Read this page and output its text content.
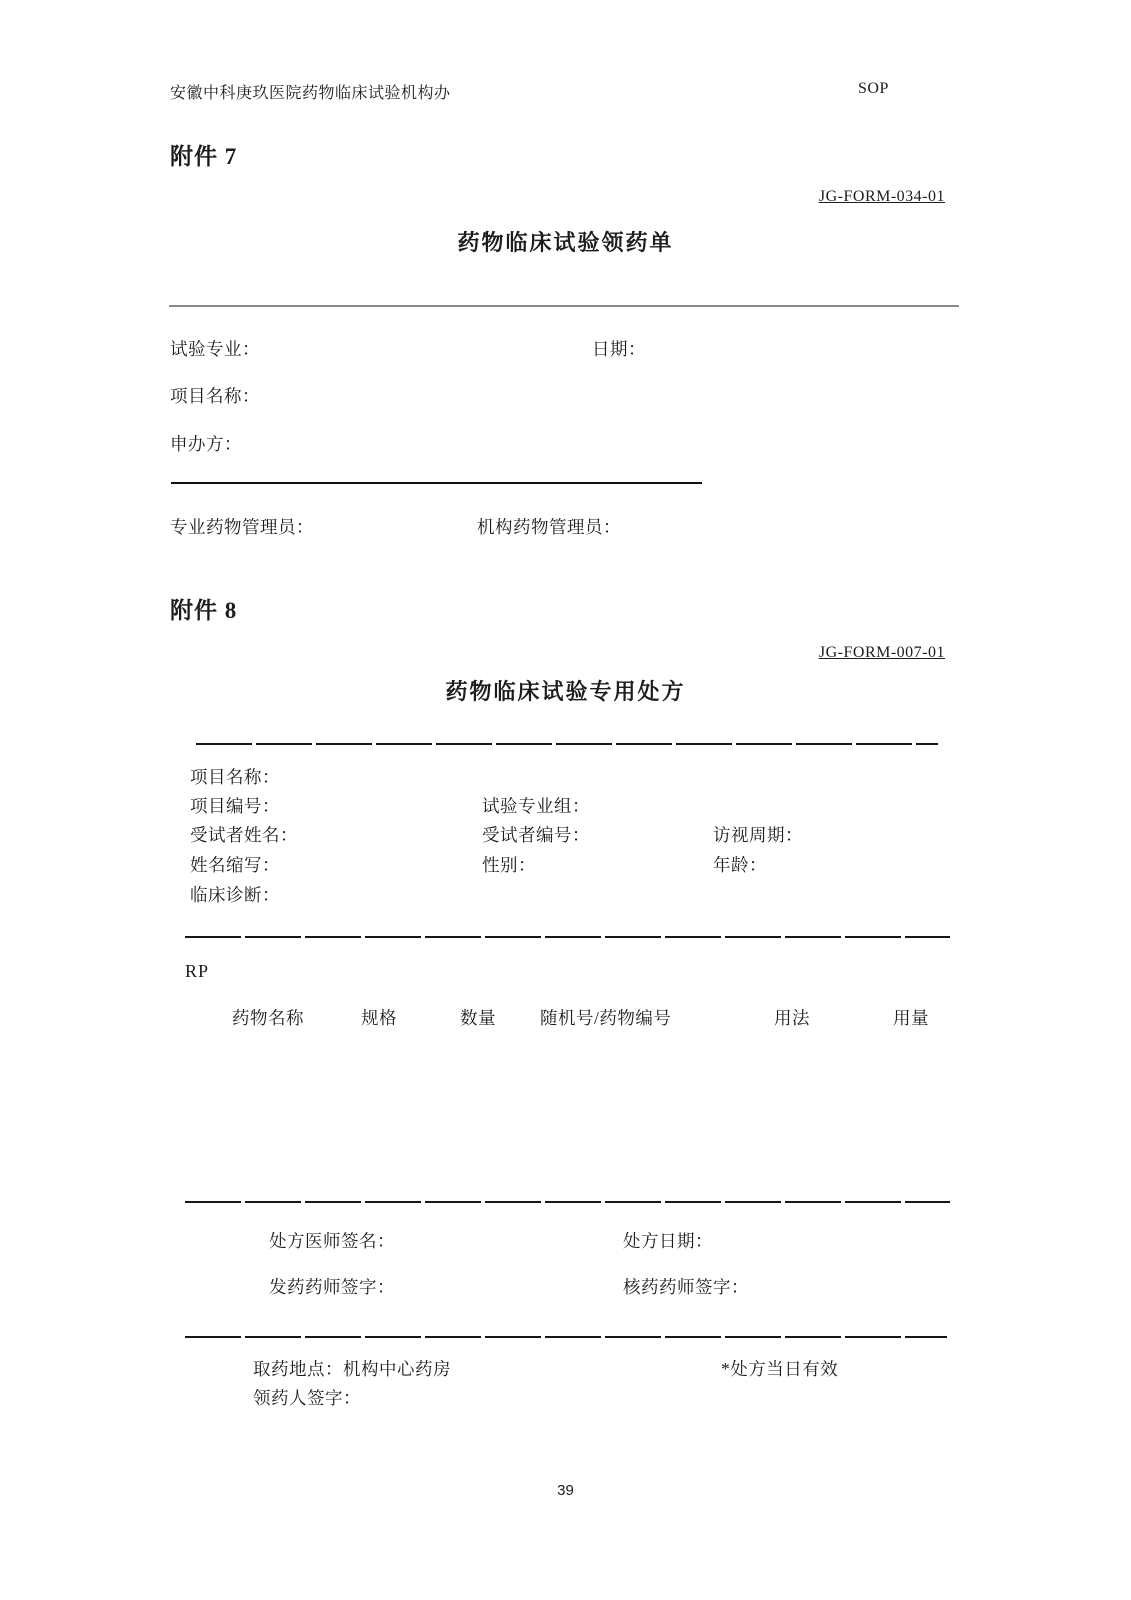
安徽中科庚玖医院药物临床试验机构办	SOP
附件 7
JG-FORM-034-01
药物临床试验领药单
试验专业：	日期：
项目名称：
申办方：
专业药物管理员：	机构药物管理员：
附件 8
JG-FORM-007-01
药物临床试验专用处方
项目名称：
项目编号：	试验专业组：
受试者姓名：	受试者编号：	访视周期：
姓名缩写：	性别：	年龄：
临床诊断：
RP
药物名称	规格	数量	随机号/药物编号	用法	用量
处方医师签名：	处方日期：
发药药师签字：	核药药师签字：
取药地点：机构中心药房	*处方当日有效
领药人签字：
39
